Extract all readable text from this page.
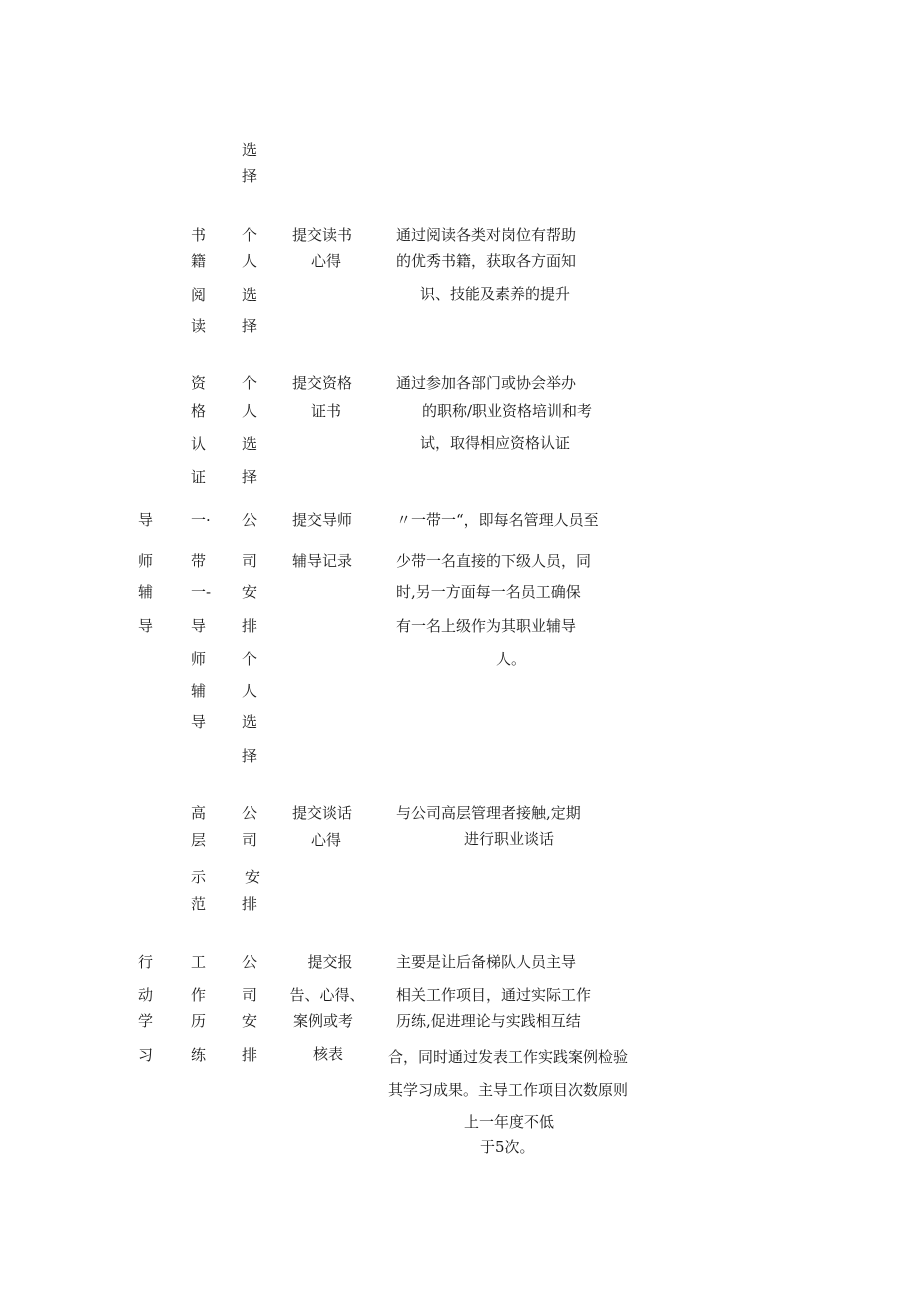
选
择
书
籍
阅
读
个
人
选
择
提交读书
心得
通过阅读各类对岗位有帮助
的优秀书籍，获取各方面知
识、技能及素养的提升
资
格
认
证
个
人
选
择
提交资格
证书
通过参加各部门或协会举办
的职称/职业资格培训和考
试，取得相应资格认证
导
师
辅
导
一·
带
一-
导
师
辅
导
公
司
安
排
个
人
选
择
提交导师
辅导记录
〃一带一“，即每名管理人员至
少带一名直接的下级人员，同
时,另一方面每一名员工确保
有一名上级作为其职业辅导
人。
高
层
示
范
公
司
安
排
提交谈话
心得
与公司高层管理者接触,定期
进行职业谈话
行
动
学
习
工
作
历
练
公
司
安
排
提交报
告、心得、
案例或考
核表
主要是让后备梯队人员主导
相关工作项目，通过实际工作
历练,促进理论与实践相互结
合，同时通过发表工作实践案例检验
其学习成果。主导工作项目次数原则
上一年度不低
于5次。
